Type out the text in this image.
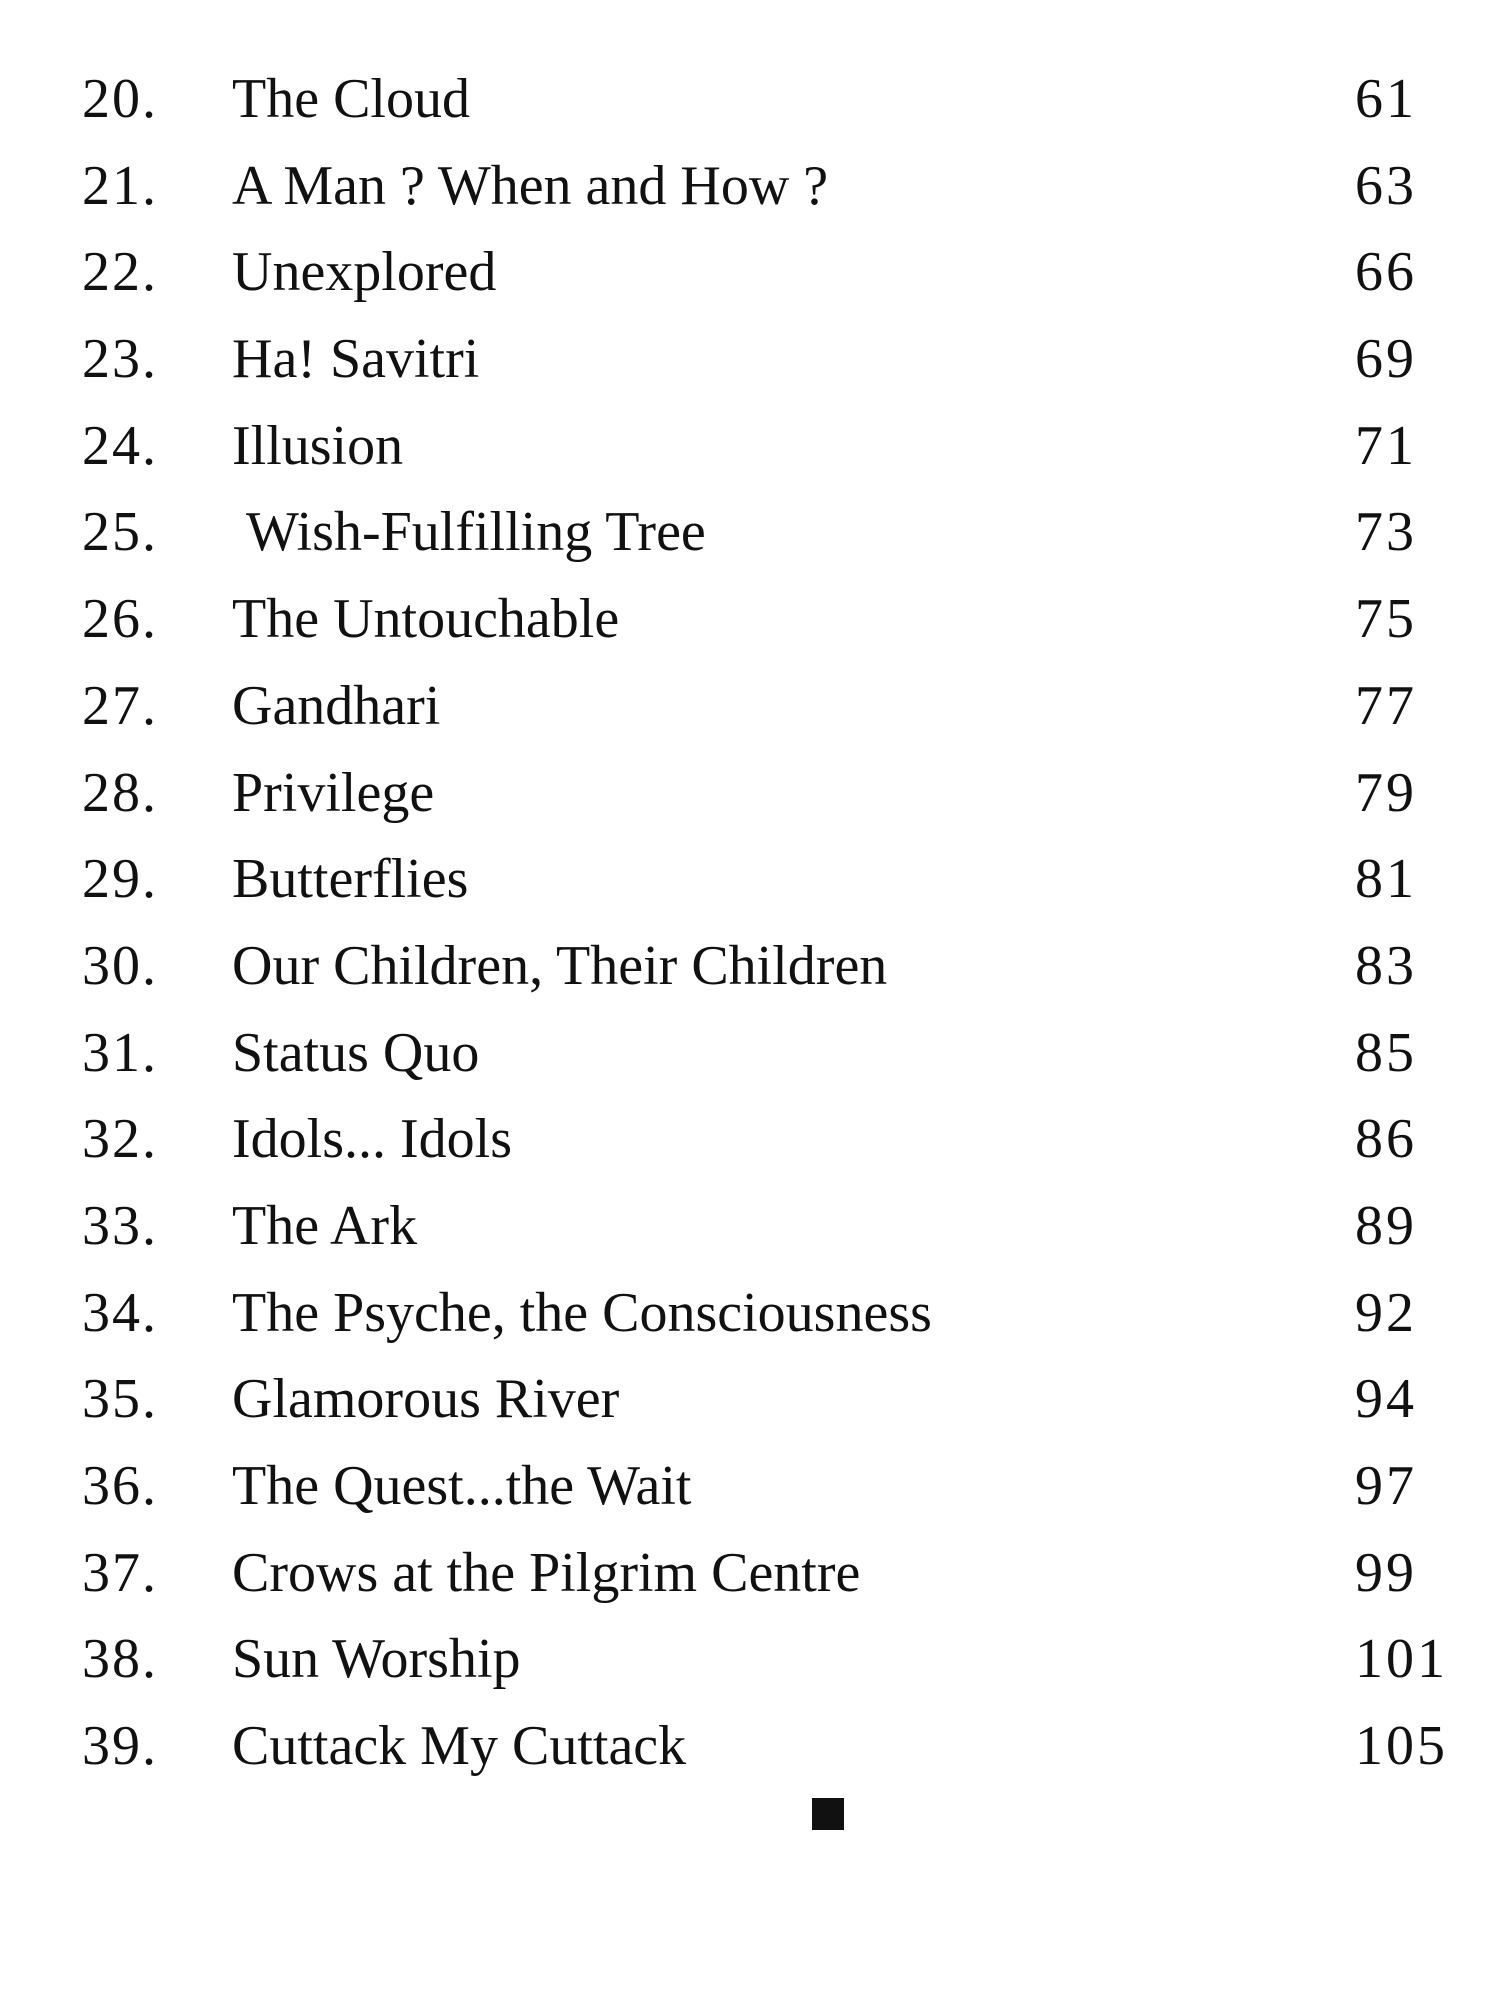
20. The Cloud	61
21. A Man ? When and How ?	63
22. Unexplored	66
23. Ha! Savitri	69
24. Illusion	71
25. Wish-Fulfilling Tree	73
26. The Untouchable	75
27. Gandhari	77
28. Privilege	79
29. Butterflies	81
30. Our Children, Their Children	83
31. Status Quo	85
32. Idols... Idols	86
33. The Ark	89
34. The Psyche, the Consciousness	92
35. Glamorous River	94
36. The Quest...the Wait	97
37. Crows at the Pilgrim Centre	99
38. Sun Worship	101
39. Cuttack My Cuttack	105
